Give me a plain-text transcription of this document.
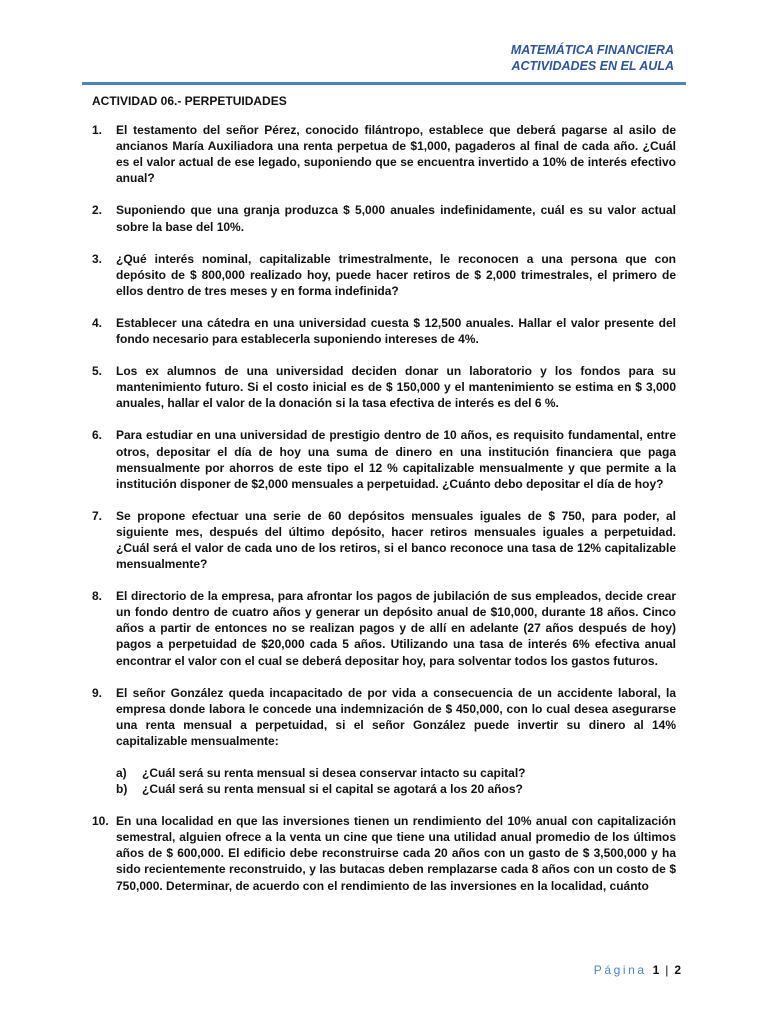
MATEMÁTICA FINANCIERA
ACTIVIDADES EN EL AULA
ACTIVIDAD 06.- PERPETUIDADES
1. El testamento del señor Pérez, conocido filántropo, establece que deberá pagarse al asilo de ancianos María Auxiliadora una renta perpetua de $1,000, pagaderos al final de cada año. ¿Cuál es el valor actual de ese legado, suponiendo que se encuentra invertido a 10% de interés efectivo anual?
2. Suponiendo que una granja produzca $ 5,000 anuales indefinidamente, cuál es su valor actual sobre la base del 10%.
3. ¿Qué interés nominal, capitalizable trimestralmente, le reconocen a una persona que con depósito de $ 800,000 realizado hoy, puede hacer retiros de $ 2,000 trimestrales, el primero de ellos dentro de tres meses y en forma indefinida?
4. Establecer una cátedra en una universidad cuesta $ 12,500 anuales. Hallar el valor presente del fondo necesario para establecerla suponiendo intereses de 4%.
5. Los ex alumnos de una universidad deciden donar un laboratorio y los fondos para su mantenimiento futuro. Si el costo inicial es de $ 150,000 y el mantenimiento se estima en $ 3,000 anuales, hallar el valor de la donación si la tasa efectiva de interés es del 6 %.
6. Para estudiar en una universidad de prestigio dentro de 10 años, es requisito fundamental, entre otros, depositar el día de hoy una suma de dinero en una institución financiera que paga mensualmente por ahorros de este tipo el 12 % capitalizable mensualmente y que permite a la institución disponer de $2,000 mensuales a perpetuidad. ¿Cuánto debo depositar el día de hoy?
7. Se propone efectuar una serie de 60 depósitos mensuales iguales de $ 750, para poder, al siguiente mes, después del último depósito, hacer retiros mensuales iguales a perpetuidad. ¿Cuál será el valor de cada uno de los retiros, si el banco reconoce una tasa de 12% capitalizable mensualmente?
8. El directorio de la empresa, para afrontar los pagos de jubilación de sus empleados, decide crear un fondo dentro de cuatro años y generar un depósito anual de $10,000, durante 18 años. Cinco años a partir de entonces no se realizan pagos y de allí en adelante (27 años después de hoy) pagos a perpetuidad de $20,000 cada 5 años. Utilizando una tasa de interés 6% efectiva anual encontrar el valor con el cual se deberá depositar hoy, para solventar todos los gastos futuros.
9. El señor González queda incapacitado de por vida a consecuencia de un accidente laboral, la empresa donde labora le concede una indemnización de $ 450,000, con lo cual desea asegurarse una renta mensual a perpetuidad, si el señor González puede invertir su dinero al 14% capitalizable mensualmente:
a) ¿Cuál será su renta mensual si desea conservar intacto su capital?
b) ¿Cuál será su renta mensual si el capital se agotará a los 20 años?
10. En una localidad en que las inversiones tienen un rendimiento del 10% anual con capitalización semestral, alguien ofrece a la venta un cine que tiene una utilidad anual promedio de los últimos años de $ 600,000. El edificio debe reconstruirse cada 20 años con un gasto de $ 3,500,000 y ha sido recientemente reconstruido, y las butacas deben remplazarse cada 8 años con un costo de $ 750,000. Determinar, de acuerdo con el rendimiento de las inversiones en la localidad, cuánto
Página 1 | 2
